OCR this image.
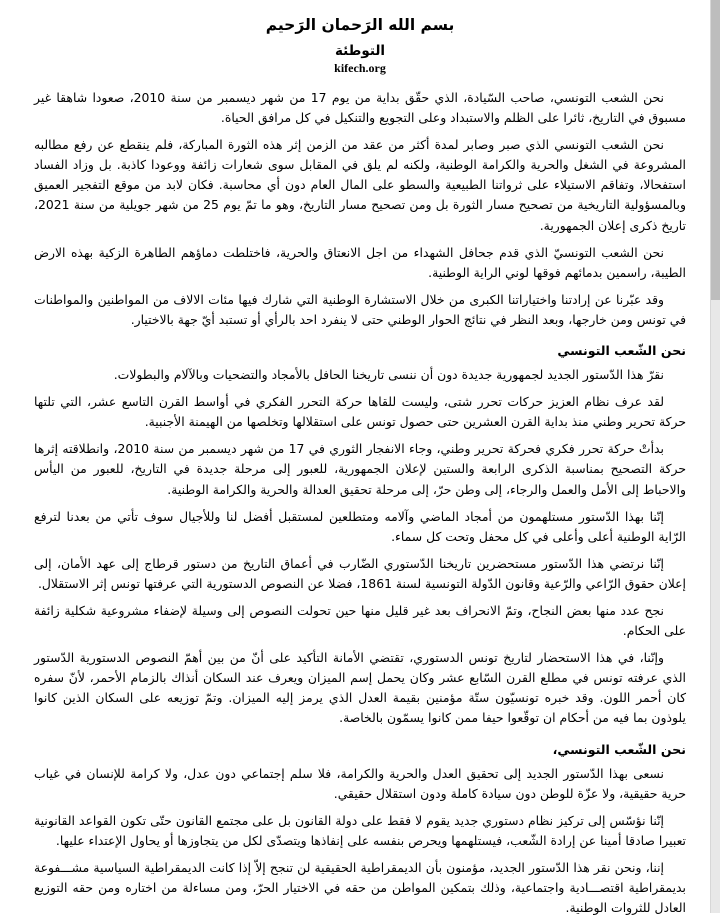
بسم الله الرَحمان الرَحيم
التوطئة
kifech.org

نحن الشعب التونسي، صاحب السّيادة، الذي حقّق بداية من يوم 17 من شهر ديسمبر من سنة 2010، صعودا شاهقا غير مسبوق في التاريخ، ثائرا على الظلم والاستبداد وعلى التجويع والتنكيل في كل مرافق الحياة.

نحن الشعب التونسي الذي صبر وصابر لمدة أكثر من عقد من الزمن إثر هذه الثورة المباركة، فلم ينقطع عن رفع مطالبه المشروعة في الشغل والحرية والكرامة الوطنية، ولكنه لم يلق في المقابل سوى شعارات زائفة ووعودا كاذبة. بل وزاد الفساد استفحالا، وتفاقم الاستيلاء على ثرواتنا الطبيعية والسطو على المال العام دون أي محاسبة. فكان لابد من موقع التفجير العميق وبالمسؤولية التاريخية من تصحيح مسار الثورة بل ومن تصحيح مسار التاريخ، وهو ما تمّ يوم 25 من شهر جويلية من سنة 2021، تاريخ ذكرى إعلان الجمهورية.

نحن الشعب التونسيّ الذي قدم جحافل الشهداء من اجل الانعتاق والحرية، فاختلطت دماؤهم الطاهرة الزكية بهذه الارض الطيبة، راسمين بدمائهم فوقها لوني الراية الوطنية.

وقد عبّرنا عن إرادتنا واختياراتنا الكبرى من خلال الاستشارة الوطنية التي شارك فيها مئات الالاف من المواطنين والمواطنات في تونس ومن خارجها، وبعد النظر في نتائج الحوار الوطني حتى لا ينفرد احد بالرأي أو تستبد أيّ جهة بالاختيار.

نحن الشّعب التونسي

نقرّ هذا الدّستور الجديد لجمهورية جديدة دون أن ننسى تاريخنا الحافل بالأمجاد والتضحيات وبالآلام والبطولات.

لقد عرف نظام العزيز حركات تحرر شتى، وليست للقاها حركة التحرر الفكري في أواسط القرن التاسع عشر، التي تلتها حركة تحرير وطني منذ بداية القرن العشرين حتى حصول تونس على استقلالها وتخلصها من الهيمنة الأجنبية.

بدأتْ حركة تحرر فكري فحركة تحرير وطني، وجاء الانفجار الثوري في 17 من شهر ديسمبر من سنة 2010، وانطلاقته إثرها حركة التصحيح بمناسبة الذكرى الرابعة والستين لإعلان الجمهورية، للعبور إلى مرحلة جديدة في التاريخ، للعبور من اليأس والاحباط إلى الأمل والعمل والرجاء، إلى وطن حرّ، إلى مرحلة تحقيق العدالة والحرية والكرامة الوطنية.

إنّنا بهذا الدّستور مستلهمون من أمجاد الماضي وآلامه ومتطلعين لمستقبل أفضل لنا وللأجيال سوف تأتي من بعدنا لترفع الرّاية الوطنية أعلى وأعلى في كل محفل وتحت كل سماء.

إنّنا نرتضي هذا الدّستور مستحضرين تاريخنا الدّستوري الضّارب في أعماق التاريخ من دستور قرطاج إلى عهد الأمان، إلى إعلان حقوق الرّاعي والرّعية وقانون الدّولة التونسية لسنة 1861، فضلا عن النصوص الدستورية التي عرفتها تونس إثر الاستقلال.

نجح عدد منها بعض النجاح، وتمّ الانحراف بعد غير قليل منها حين تحولت النصوص إلى وسيلة لإضفاء مشروعية شكلية زائفة على الحكام.

وإنّنا، في هذا الاستحضار لتاريخ تونس الدستوري، تقتضي الأمانة التأكيد على أنّ من بين أهمّ النصوص الدستورية الدّستور الذي عرفته تونس في مطلع القرن السّابع عشر وكان يحمل إسم الميزان ويعرف عند السكان أنذاك بالزمام الأحمر، لأنّ سفره كان أحمر اللون. وقد خبره تونسيّون ستّة مؤمنين بقيمة العدل الذي يرمز إليه الميزان. وتمّ توزيعه على السكان الذين كانوا يلوذون بما فيه من أحكام ان توقّعوا حيفا ممن كانوا يسمّون بالخاصة.

نحن الشّعب التونسي،

نسعى بهذا الدّستور الجديد إلى تحقيق العدل والحرية والكرامة، فلا سلم إجتماعي دون عدل، ولا كرامة للإنسان في غياب حرية حقيقية، ولا عزّة للوطن دون سيادة كاملة ودون استقلال حقيقي.

إنّنا نؤسّس إلى تركيز نظام دستوري جديد يقوم لا فقط على دولة القانون بل على مجتمع القانون حتّى تكون القواعد القانونية تعبيرا صادقا أمينا عن إرادة الشّعب، فيستلهمها ويحرص بنفسه على إنفاذها ويتصدّى لكل من يتجاوزها أو يحاول الإعتداء عليها.

إننا، ونحن نقر هذا الدّستور الجديد، مؤمنون بأن الديمقراطية الحقيقية لن تنجح إلاّ إذا كانت الديمقراطية السياسية مشـــفوعة بديمقراطية اقتصـــادية واجتماعية، وذلك بتمكين المواطن من حقه في الاختيار الحرّ، ومن مساءلة من اختاره ومن حقه التوزيع العادل للثروات الوطنية.
